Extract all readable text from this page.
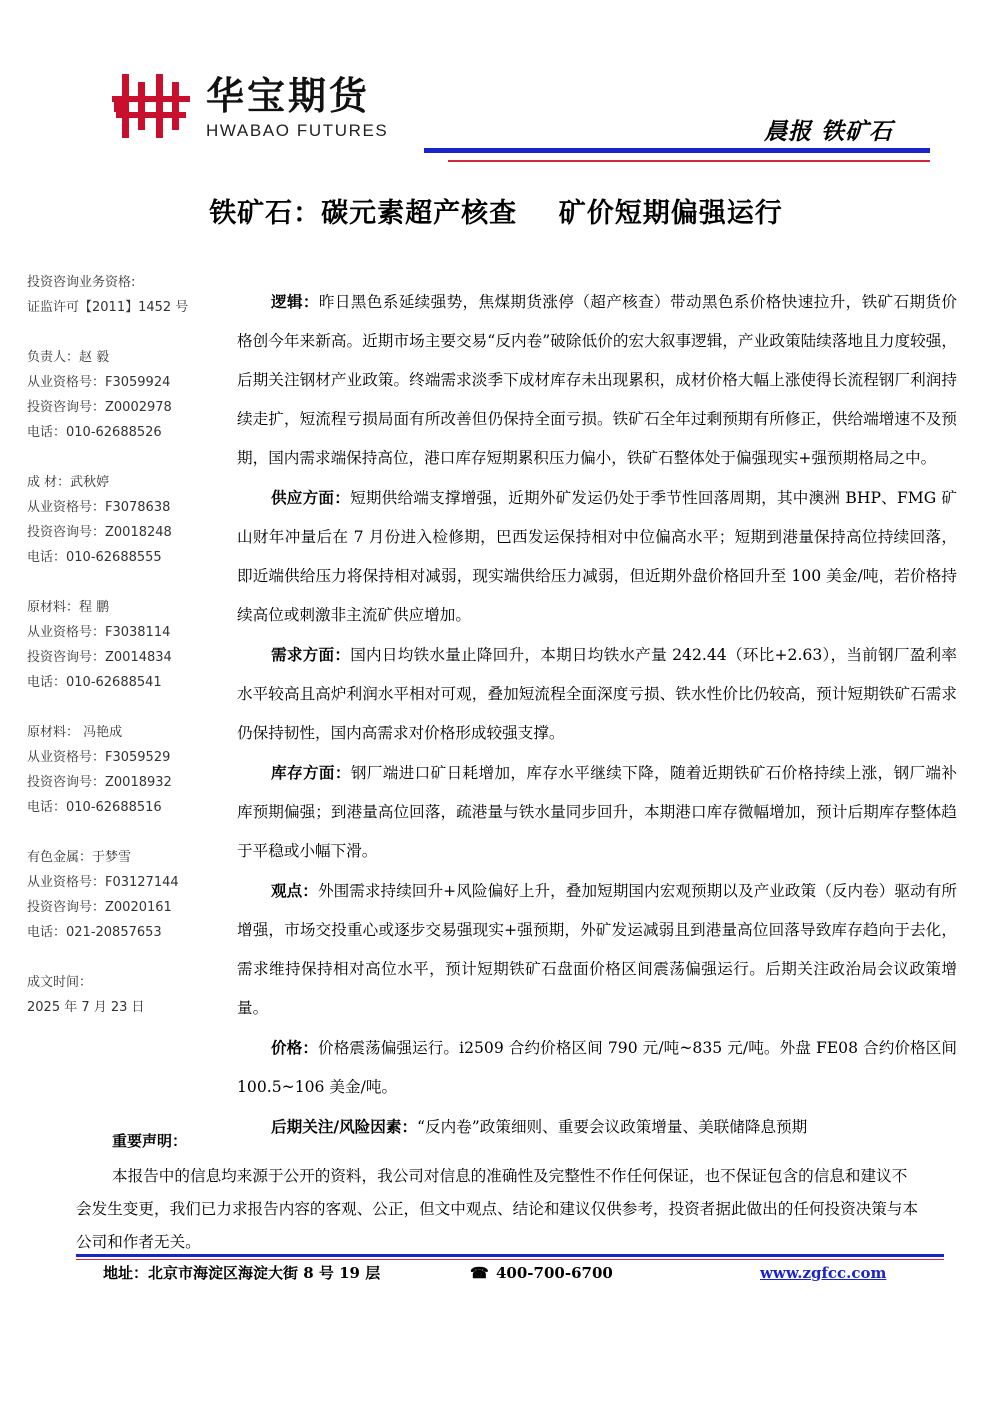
华宝期货
HWABAO FUTURES	晨报 铁矿石
铁矿石：碳元素超产核查    矿价短期偏强运行
投资咨询业务资格:
证监许可【2011】1452 号
负责人：赵 毅
从业资格号：F3059924
投资咨询号：Z0002978
电话：010-62688526
成 材：武秋婷
从业资格号：F3078638
投资咨询号：Z0018248
电话：010-62688555
原材料：程 鹏
从业资格号：F3038114
投资咨询号：Z0014834
电话：010-62688541
原材料： 冯艳成
从业资格号：F3059529
投资咨询号：Z0018932
电话：010-62688516
有色金属：于梦雪
从业资格号：F03127144
投资咨询号：Z0020161
电话：021-20857653
成文时间：
2025 年 7 月 23 日

逻辑：昨日黑色系延续强势，焦煤期货涨停（超产核查）带动黑色系价格快速拉升，铁矿石期货价格创今年来新高。近期市场主要交易“反内卷”破除低价的宏大叙事逻辑，产业政策陆续落地且力度较强，后期关注钢材产业政策。终端需求淡季下成材库存未出现累积，成材价格大幅上涨使得长流程钢厂利润持续走扩，短流程亏损局面有所改善但仍保持全面亏损。铁矿石全年过剩预期有所修正，供给端增速不及预期，国内需求端保持高位，港口库存短期累积压力偏小，铁矿石整体处于偏强现实+强预期格局之中。

供应方面：短期供给端支撑增强，近期外矿发运仍处于季节性回落周期，其中澳洲 BHP、FMG 矿山财年冲量后在 7 月份进入检修期，巴西发运保持相对中位偏高水平；短期到港量保持高位持续回落，即近端供给压力将保持相对减弱，现实端供给压力减弱，但近期外盘价格回升至 100 美金/吨，若价格持续高位或刺激非主流矿供应增加。

需求方面：国内日均铁水量止降回升，本期日均铁水产量 242.44（环比+2.63），当前钢厂盈利率水平较高且高炉利润水平相对可观，叠加短流程全面深度亏损、铁水性价比仍较高，预计短期铁矿石需求仍保持韧性，国内高需求对价格形成较强支撑。

库存方面：钢厂端进口矿日耗增加，库存水平继续下降，随着近期铁矿石价格持续上涨，钢厂端补库预期偏强；到港量高位回落，疏港量与铁水量同步回升，本期港口库存微幅增加，预计后期库存整体趋于平稳或小幅下滑。

观点：外围需求持续回升+风险偏好上升，叠加短期国内宏观预期以及产业政策（反内卷）驱动有所增强，市场交投重心或逐步交易强现实+强预期，外矿发运减弱且到港量高位回落导致库存趋向于去化，需求维持保持相对高位水平，预计短期铁矿石盘面价格区间震荡偏强运行。后期关注政治局会议政策增量。

价格：价格震荡偏强运行。i2509 合约价格区间 790 元/吨~835 元/吨。外盘 FE08 合约价格区间 100.5~106 美金/吨。

后期关注/风险因素：“反内卷”政策细则、重要会议政策增量、美联储降息预期

重要声明：

本报告中的信息均来源于公开的资料，我公司对信息的准确性及完整性不作任何保证，也不保证包含的信息和建议不会发生变更，我们已力求报告内容的客观、公正，但文中观点、结论和建议仅供参考，投资者据此做出的任何投资决策与本公司和作者无关。

地址：北京市海淀区海淀大街 8 号 19 层	☎ 400-700-6700	www.zgfcc.com
